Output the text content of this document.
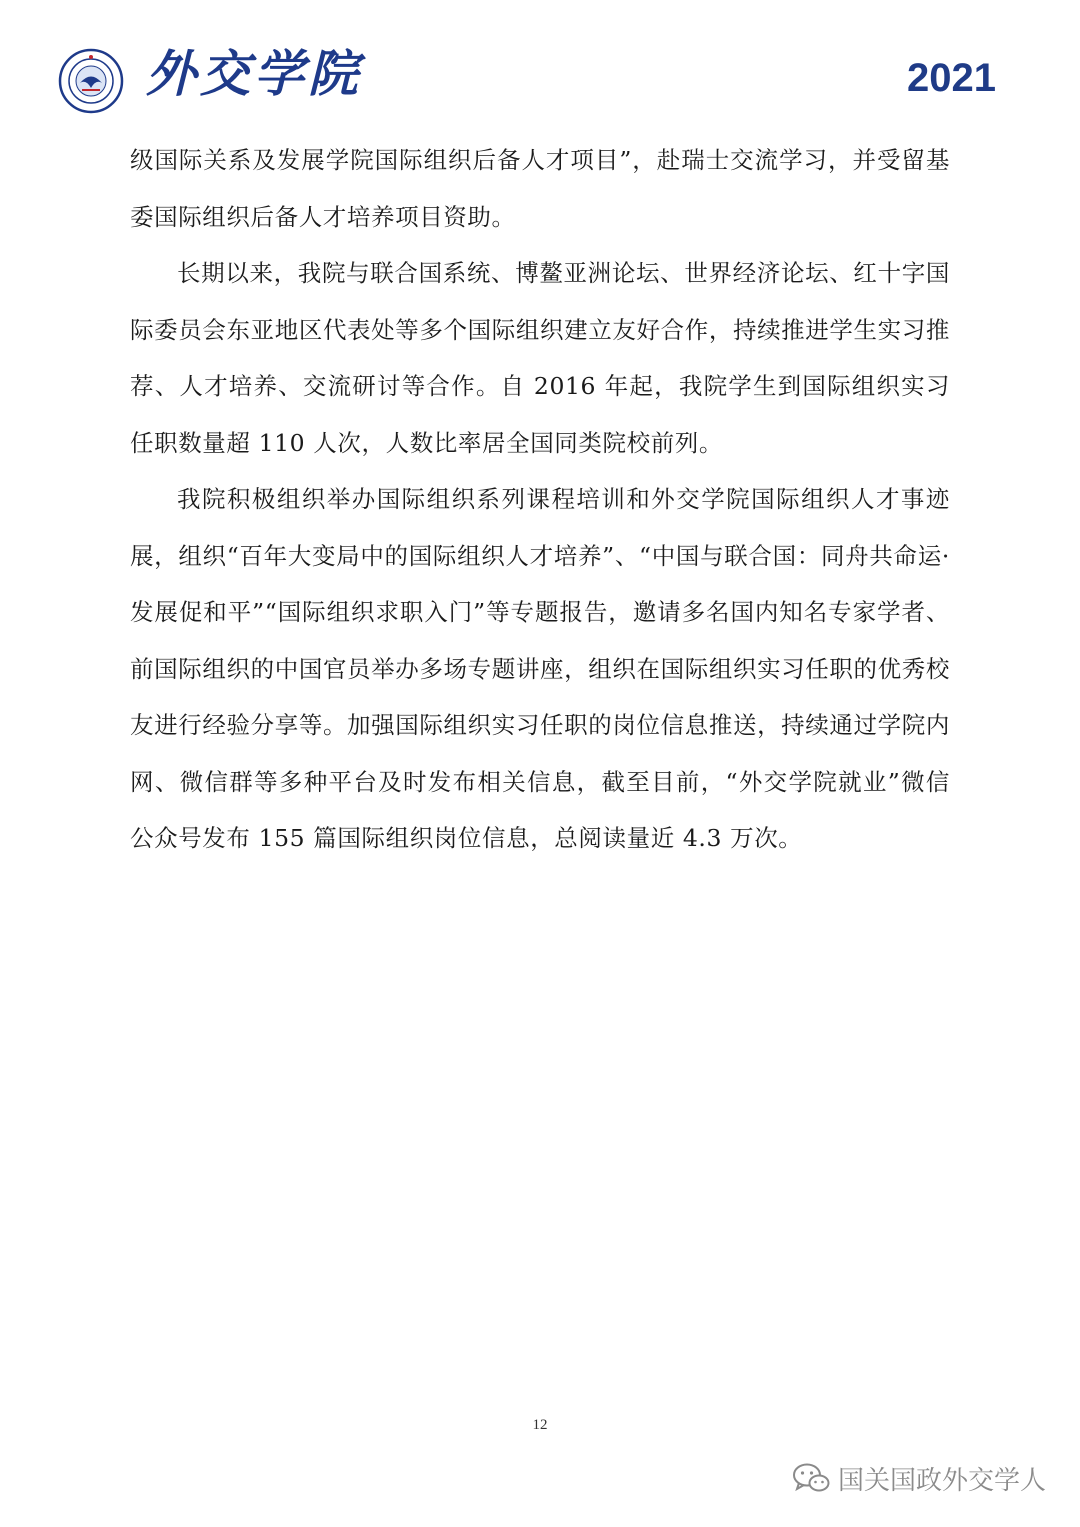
外交学院	2021

级国际关系及发展学院国际组织后备人才项目”，赴瑞士交流学习，并受留基委国际组织后备人才培养项目资助。

长期以来，我院与联合国系统、博鳌亚洲论坛、世界经济论坛、红十字国际委员会东亚地区代表处等多个国际组织建立友好合作，持续推进学生实习推荐、人才培养、交流研讨等合作。自 2016 年起，我院学生到国际组织实习任职数量超 110 人次，人数比率居全国同类院校前列。

我院积极组织举办国际组织系列课程培训和外交学院国际组织人才事迹展，组织“百年大变局中的国际组织人才培养”、“中国与联合国：同舟共命运·发展促和平”“国际组织求职入门”等专题报告，邀请多名国内知名专家学者、前国际组织的中国官员举办多场专题讲座，组织在国际组织实习任职的优秀校友进行经验分享等。加强国际组织实习任职的岗位信息推送，持续通过学院内网、微信群等多种平台及时发布相关信息，截至目前，“外交学院就业”微信公众号发布 155 篇国际组织岗位信息，总阅读量近 4.3 万次。

12
国关国政外交学人
